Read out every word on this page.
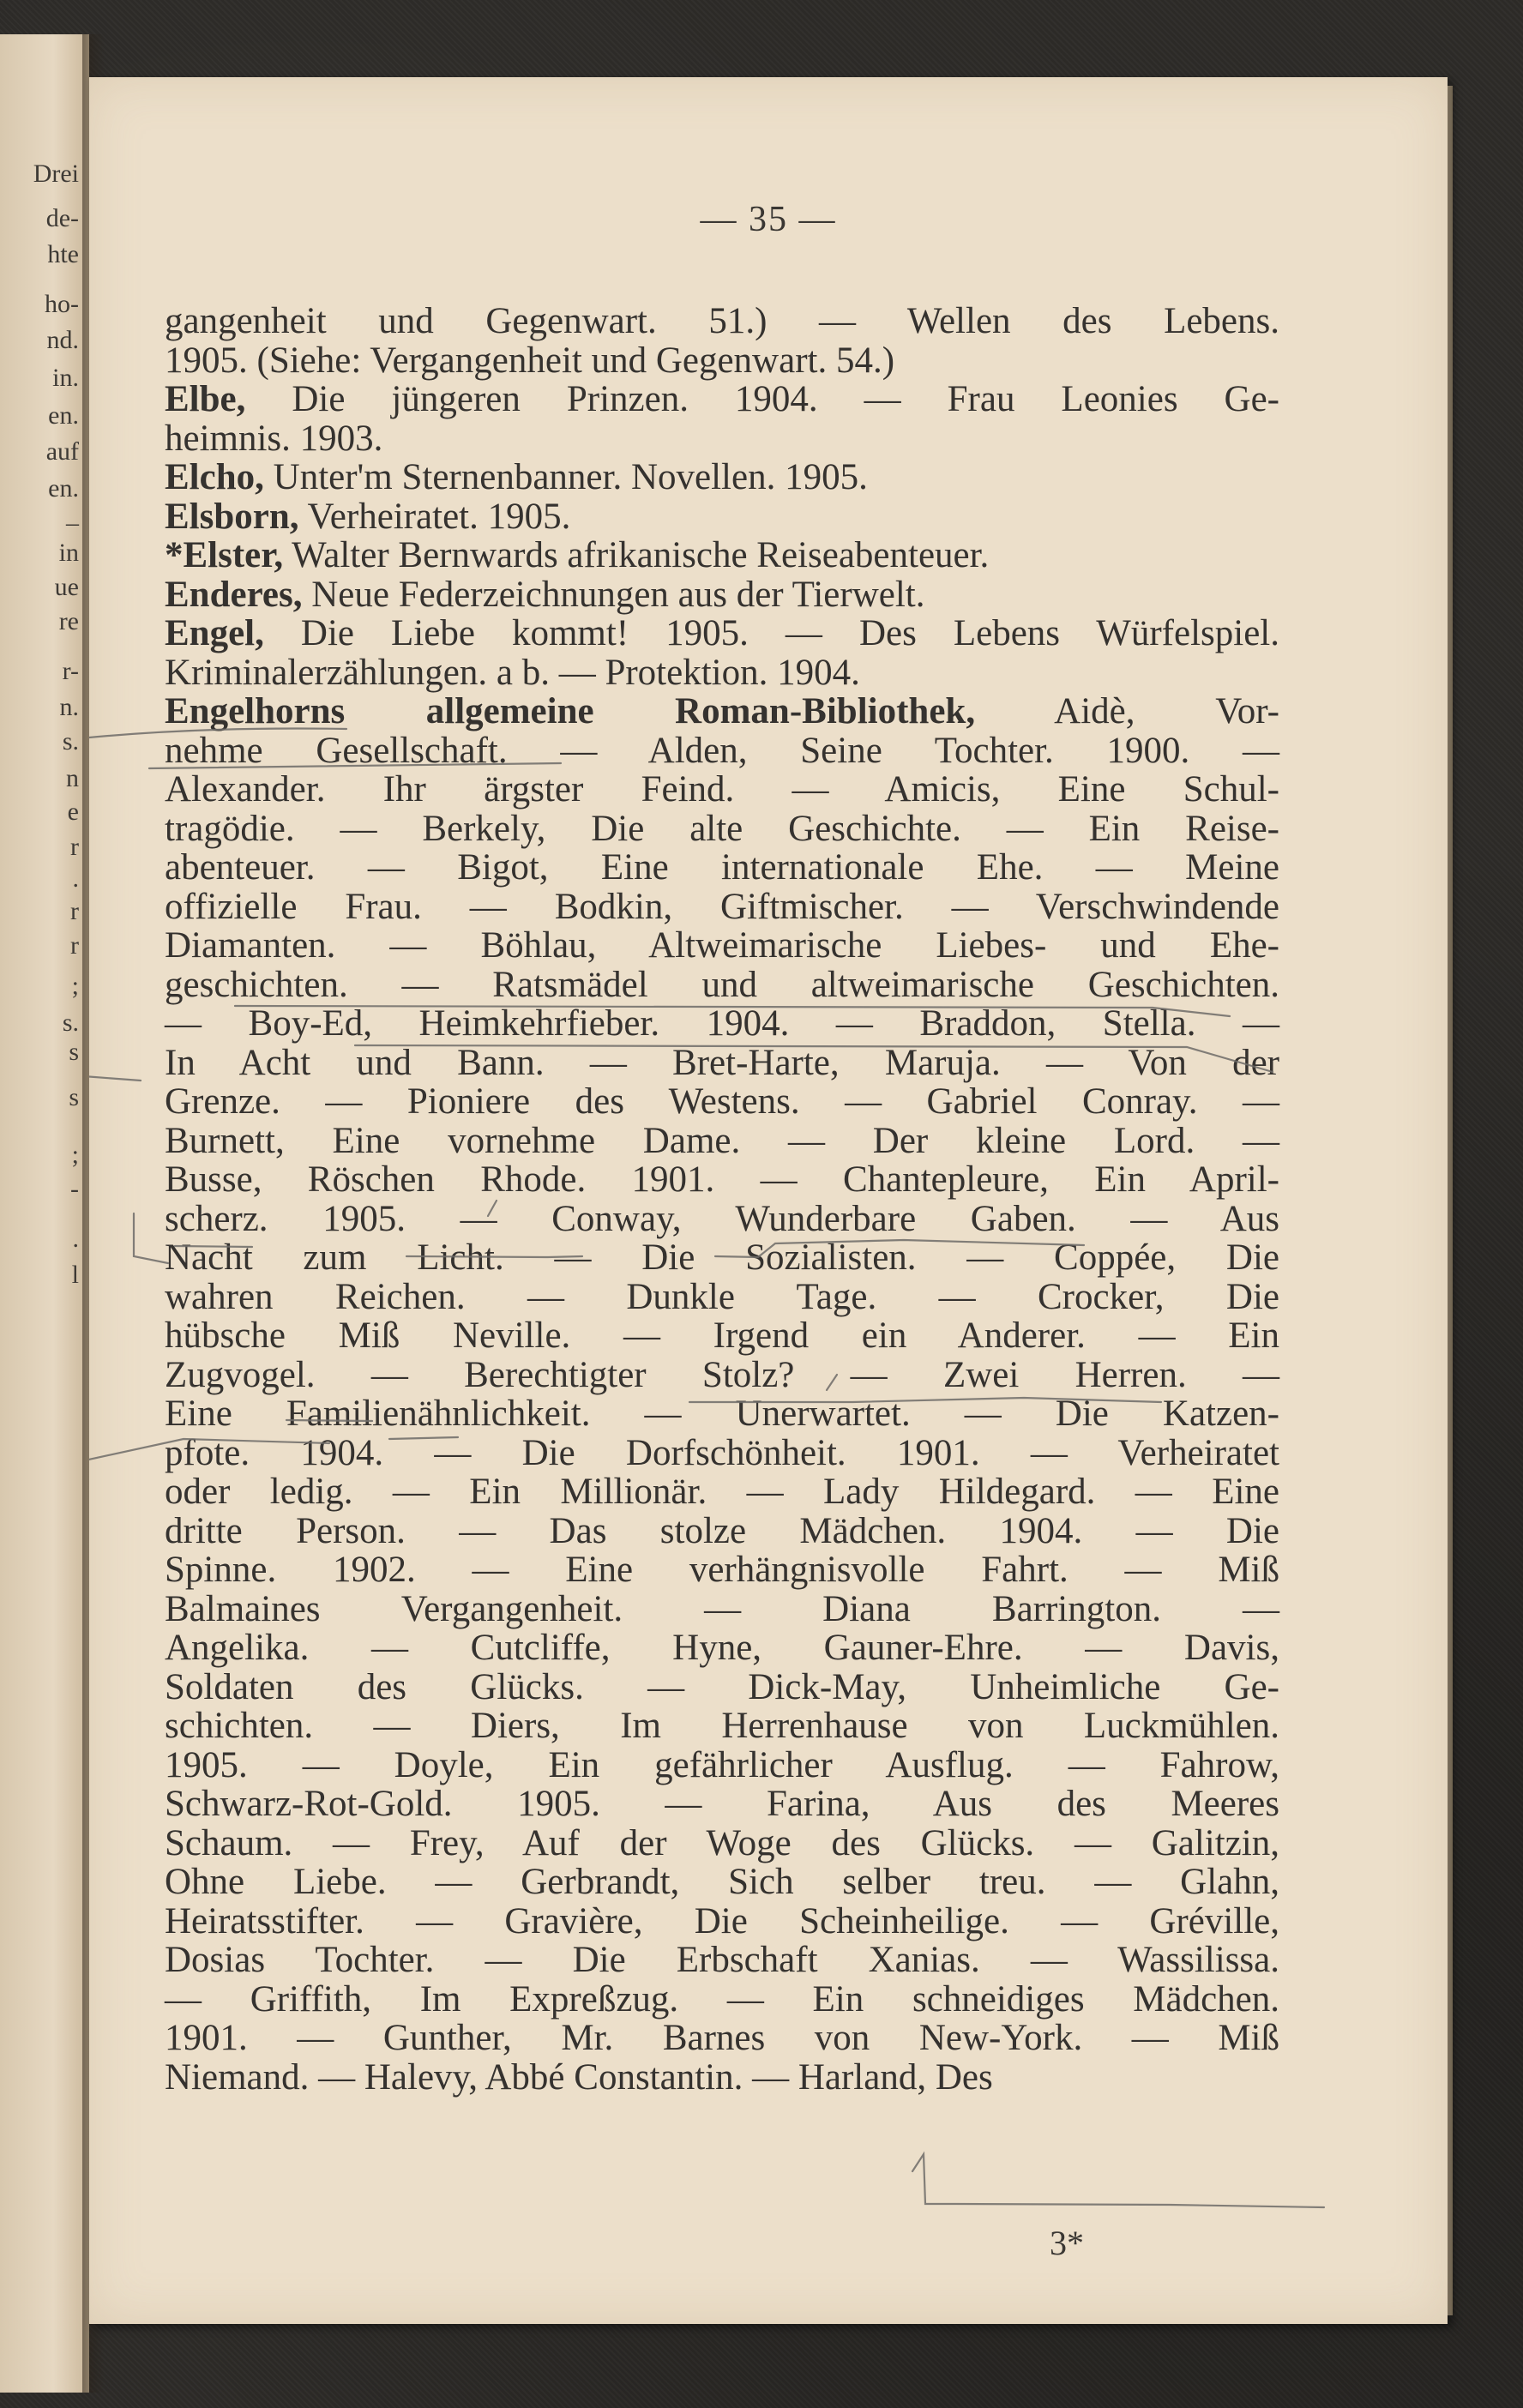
Drei
de-
hte
ho-
nd.
in.
en.
auf
en.
–
in
ue
re
r-
n.
s.
n
e
r
.
r
r
;
s.
s
s
;
-
.
l
— 35 —
gangenheit und Gegenwart. 51.) — Wellen des Lebens.
1905. (Siehe: Vergangenheit und Gegenwart. 54.)
Elbe, Die jüngeren Prinzen. 1904. — Frau Leonies Ge-
heimnis. 1903.
Elcho, Unter'm Sternenbanner. Novellen. 1905.
Elsborn, Verheiratet. 1905.
*Elster, Walter Bernwards afrikanische Reiseabenteuer.
Enderes, Neue Federzeichnungen aus der Tierwelt.
Engel, Die Liebe kommt! 1905. — Des Lebens Würfelspiel.
Kriminalerzählungen. a b. — Protektion. 1904.
Engelhorns allgemeine Roman-Bibliothek, Aidè, Vor-
nehme Gesellschaft. — Alden, Seine Tochter. 1900. —
Alexander. Ihr ärgster Feind. — Amicis, Eine Schul-
tragödie. — Berkely, Die alte Geschichte. — Ein Reise-
abenteuer. — Bigot, Eine internationale Ehe. — Meine
offizielle Frau. — Bodkin, Giftmischer. — Verschwindende
Diamanten. — Böhlau, Altweimarische Liebes- und Ehe-
geschichten. — Ratsmädel und altweimarische Geschichten.
— Boy-Ed, Heimkehrfieber. 1904. — Braddon, Stella. —
In Acht und Bann. — Bret-Harte, Maruja. — Von der
Grenze. — Pioniere des Westens. — Gabriel Conray. —
Burnett, Eine vornehme Dame. — Der kleine Lord. —
Busse, Röschen Rhode. 1901. — Chantepleure, Ein April-
scherz. 1905. — Conway, Wunderbare Gaben. — Aus
Nacht zum Licht. — Die Sozialisten. — Coppée, Die
wahren Reichen. — Dunkle Tage. — Crocker, Die
hübsche Miß Neville. — Irgend ein Anderer. — Ein
Zugvogel. — Berechtigter Stolz? — Zwei Herren. —
Eine Familienähnlichkeit. — Unerwartet. — Die Katzen-
pfote. 1904. — Die Dorfschönheit. 1901. — Verheiratet
oder ledig. — Ein Millionär. — Lady Hildegard. — Eine
dritte Person. — Das stolze Mädchen. 1904. — Die
Spinne. 1902. — Eine verhängnisvolle Fahrt. — Miß
Balmaines Vergangenheit. — Diana Barrington. —
Angelika. — Cutcliffe, Hyne, Gauner-Ehre. — Davis,
Soldaten des Glücks. — Dick-May, Unheimliche Ge-
schichten. — Diers, Im Herrenhause von Luckmühlen.
1905. — Doyle, Ein gefährlicher Ausflug. — Fahrow,
Schwarz-Rot-Gold. 1905. — Farina, Aus des Meeres
Schaum. — Frey, Auf der Woge des Glücks. — Galitzin,
Ohne Liebe. — Gerbrandt, Sich selber treu. — Glahn,
Heiratsstifter. — Gravière, Die Scheinheilige. — Gréville,
Dosias Tochter. — Die Erbschaft Xanias. — Wassilissa.
— Griffith, Im Expreßzug. — Ein schneidiges Mädchen.
1901. — Gunther, Mr. Barnes von New-York. — Miß
Niemand. — Halevy, Abbé Constantin. — Harland, Des
3*
